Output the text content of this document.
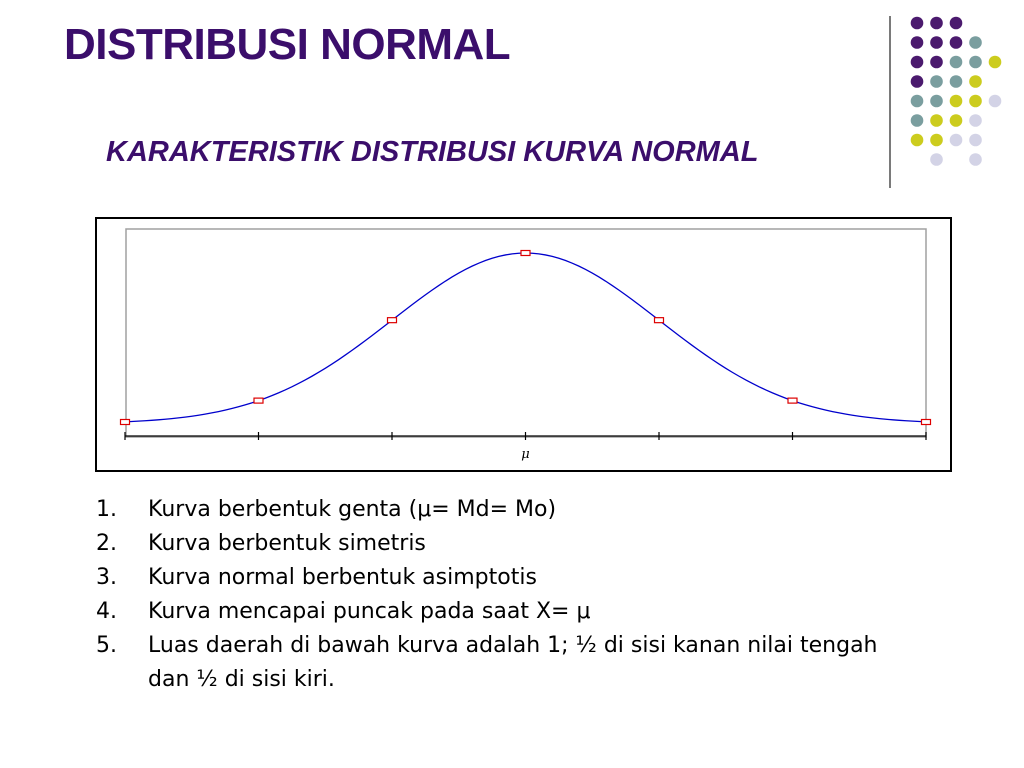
DISTRIBUSI NORMAL
KARAKTERISTIK DISTRIBUSI KURVA NORMAL
μ
1. Kurva berbentuk genta (μ= Md= Mo)
2. Kurva berbentuk simetris
3. Kurva normal berbentuk asimptotis
4. Kurva mencapai puncak pada saat X= μ
5. Luas daerah di bawah kurva adalah 1; ½ di sisi kanan nilai tengah dan ½ di sisi kiri.
